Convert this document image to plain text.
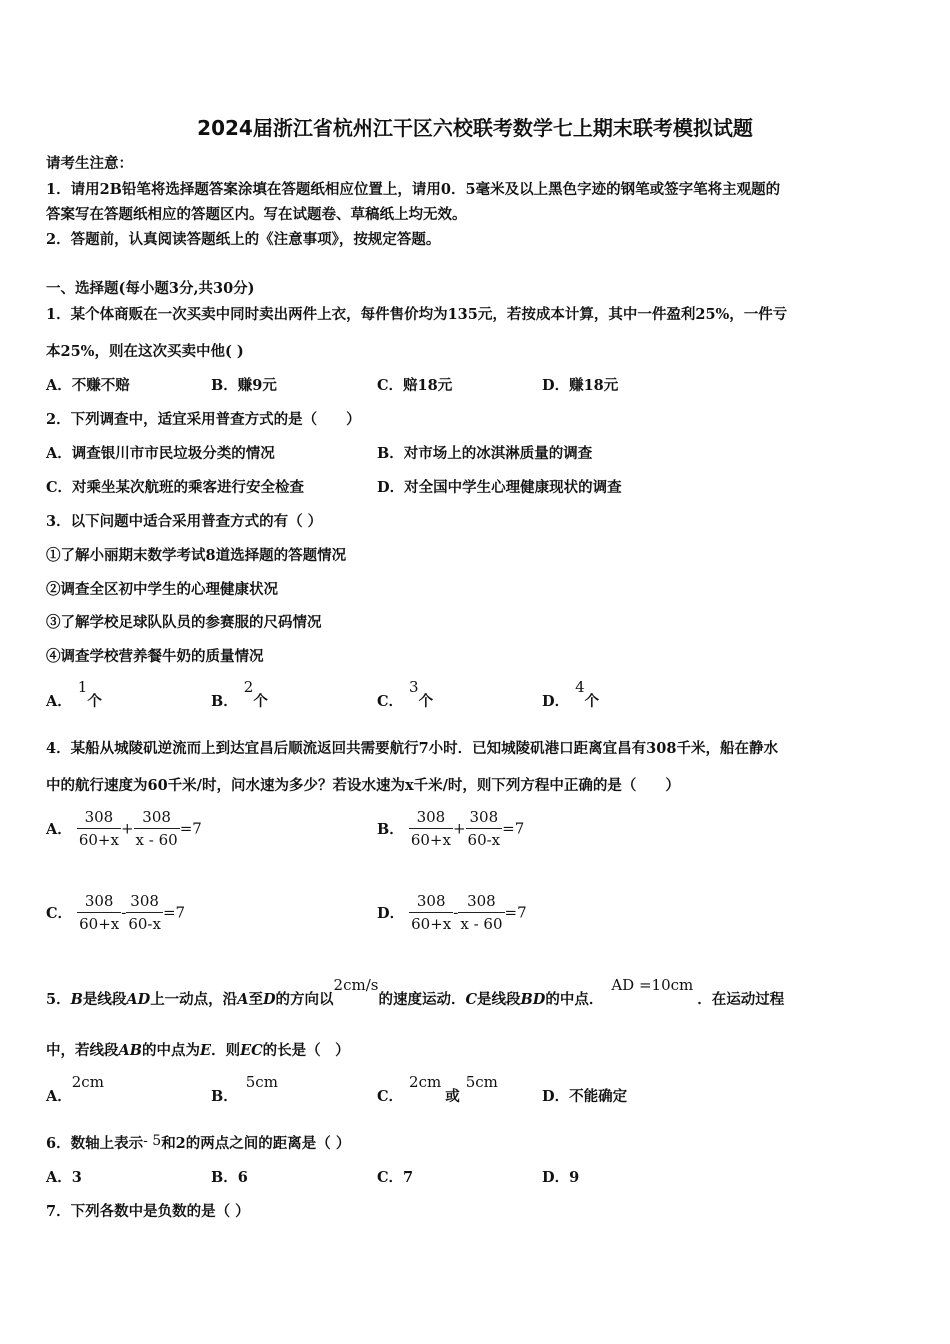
2024届浙江省杭州江干区六校联考数学七上期末联考模拟试题
请考生注意：
1．请用2B铅笔将选择题答案涂填在答题纸相应位置上，请用0．5毫米及以上黑色字迹的钢笔或签字笔将主观题的
答案写在答题纸相应的答题区内。写在试题卷、草稿纸上均无效。
2．答题前，认真阅读答题纸上的《注意事项》，按规定答题。
一、选择题(每小题3分,共30分)
1．某个体商贩在一次买卖中同时卖出两件上衣，每件售价均为135元，若按成本计算，其中一件盈利25%，一件亏
本25%，则在这次买卖中他( )
A．不赚不赔	B．赚9元	C．赔18元	D．赚18元
2．下列调查中，适宜采用普查方式的是（　　）
A．调查银川市市民垃圾分类的情况	B．对市场上的冰淇淋质量的调查
C．对乘坐某次航班的乘客进行安全检查	D．对全国中学生心理健康现状的调查
3．以下问题中适合采用普查方式的有（ ）
①了解小丽期末数学考试8道选择题的答题情况
②调查全区初中学生的心理健康状况
③了解学校足球队队员的参赛服的尺码情况
④调查学校营养餐牛奶的质量情况
A．1个	B．2个	C．3个	D．4个
4．某船从城陵矶逆流而上到达宜昌后顺流返回共需要航行7小时．已知城陵矶港口距离宜昌有308千米，船在静水
中的航行速度为60千米/时，问水速为多少？若设水速为x千米/时，则下列方程中正确的是（　　）
A． $\frac{308}{60+x} + \frac{308}{x - 60} =7$	B． $\frac{308}{60+x} + \frac{308}{60-x} =7$
C． $\frac{308}{60+x} - \frac{308}{60-x} =7$	D． $\frac{308}{60+x} - \frac{308}{x - 60} =7$
5．B是线段AD上一动点，沿A至D的方向以2cm/s的速度运动．C是线段BD的中点．AD =10cm．在运动过程
中，若线段AB的中点为E．则EC的长是（　）
A．2cm
B．5cm
C．2cm或5cm
D．不能确定
6．数轴上表示- 5和2的两点之间的距离是（ ）
A．3	B．6	C．7	D．9
7．下列各数中是负数的是（ ）
